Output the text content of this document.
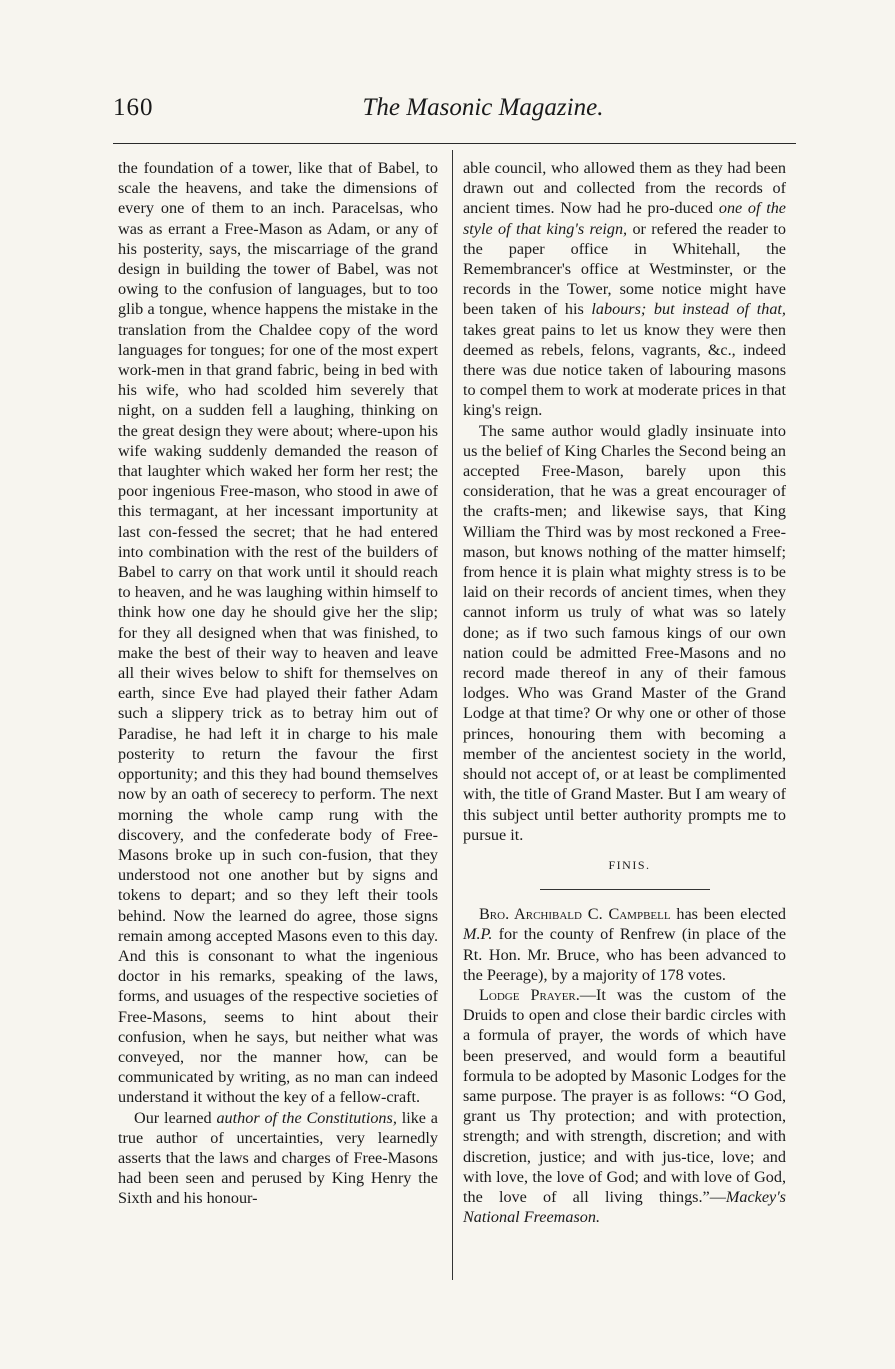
160	The Masonic Magazine.

the foundation of a tower, like that of Babel, to scale the heavens, and take the dimensions of every one of them to an inch. Paracelsas, who was as errant a Free-Mason as Adam, or any of his posterity, says, the miscarriage of the grand design in building the tower of Babel, was not owing to the confusion of languages, but to too glib a tongue, whence happens the mistake in the translation from the Chaldee copy of the word languages for tongues; for one of the most expert work-men in that grand fabric, being in bed with his wife, who had scolded him severely that night, on a sudden fell a laughing, thinking on the great design they were about; where-upon his wife waking suddenly demanded the reason of that laughter which waked her form her rest; the poor ingenious Free-mason, who stood in awe of this termagant, at her incessant importunity at last con-fessed the secret; that he had entered into combination with the rest of the builders of Babel to carry on that work until it should reach to heaven, and he was laughing within himself to think how one day he should give her the slip; for they all designed when that was finished, to make the best of their way to heaven and leave all their wives below to shift for themselves on earth, since Eve had played their father Adam such a slippery trick as to betray him out of Paradise, he had left it in charge to his male posterity to return the favour the first opportunity; and this they had bound themselves now by an oath of secerecy to perform. The next morning the whole camp rung with the discovery, and the confederate body of Free-Masons broke up in such con-fusion, that they understood not one another but by signs and tokens to depart; and so they left their tools behind. Now the learned do agree, those signs remain among accepted Masons even to this day. And this is consonant to what the ingenious doctor in his remarks, speaking of the laws, forms, and usuages of the respective societies of Free-Masons, seems to hint about their confusion, when he says, but neither what was conveyed, nor the manner how, can be communicated by writing, as no man can indeed understand it without the key of a fellow-craft.

Our learned author of the Constitutions, like a true author of uncertainties, very learnedly asserts that the laws and charges of Free-Masons had been seen and perused by King Henry the Sixth and his honour-

able council, who allowed them as they had been drawn out and collected from the records of ancient times. Now had he pro-duced one of the style of that king's reign, or refered the reader to the paper office in Whitehall, the Remembrancer's office at Westminster, or the records in the Tower, some notice might have been taken of his labours; but instead of that, takes great pains to let us know they were then deemed as rebels, felons, vagrants, &c., indeed there was due notice taken of labouring masons to compel them to work at moderate prices in that king's reign.

The same author would gladly insinuate into us the belief of King Charles the Second being an accepted Free-Mason, barely upon this consideration, that he was a great encourager of the crafts-men; and likewise says, that King William the Third was by most reckoned a Free-mason, but knows nothing of the matter himself; from hence it is plain what mighty stress is to be laid on their records of ancient times, when they cannot inform us truly of what was so lately done; as if two such famous kings of our own nation could be admitted Free-Masons and no record made thereof in any of their famous lodges. Who was Grand Master of the Grand Lodge at that time? Or why one or other of those princes, honouring them with becoming a member of the ancientest society in the world, should not accept of, or at least be complimented with, the title of Grand Master. But I am weary of this subject until better authority prompts me to pursue it.

FINIS.

Bro. Archibald C. Campbell has been elected M.P. for the county of Renfrew (in place of the Rt. Hon. Mr. Bruce, who has been advanced to the Peerage), by a majority of 178 votes.

Lodge Prayer.—It was the custom of the Druids to open and close their bardic circles with a formula of prayer, the words of which have been preserved, and would form a beautiful formula to be adopted by Masonic Lodges for the same purpose. The prayer is as follows: “O God, grant us Thy protection; and with protection, strength; and with strength, discretion; and with discretion, justice; and with jus-tice, love; and with love, the love of God; and with love of God, the love of all living things.”—Mackey's National Freemason.
